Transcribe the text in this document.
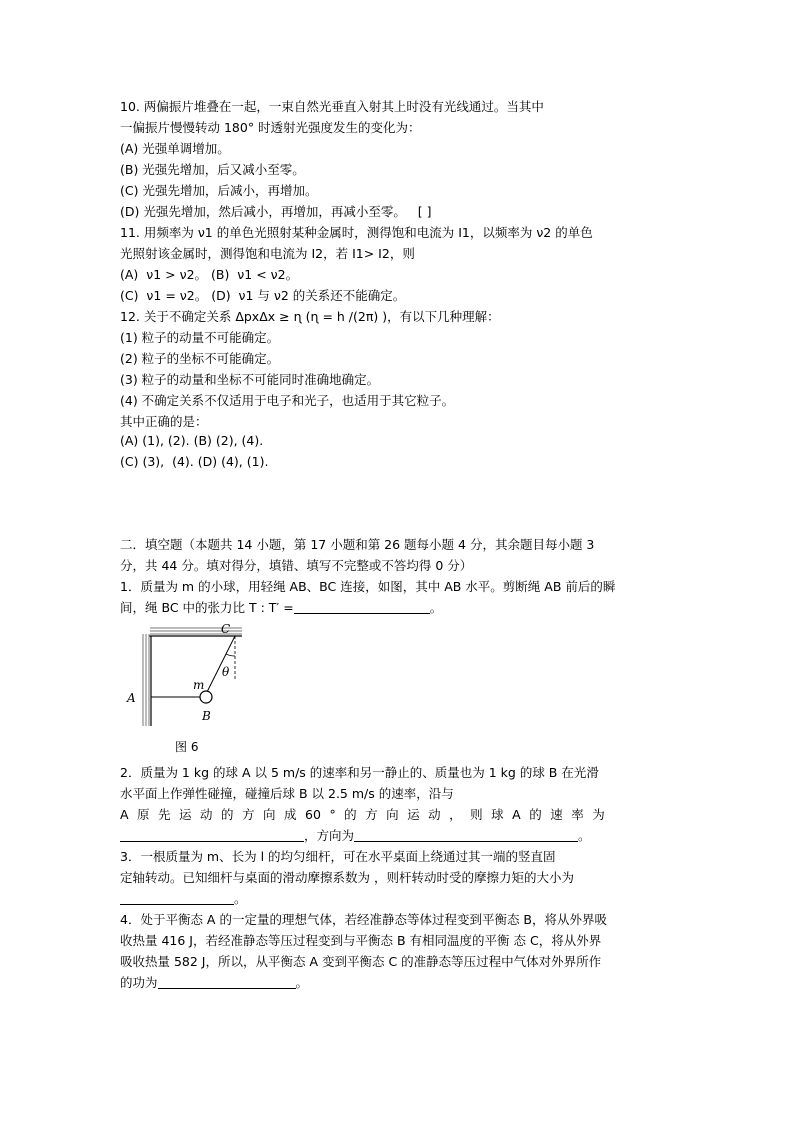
10. 两偏振片堆叠在一起，一束自然光垂直入射其上时没有光线通过。当其中
一偏振片慢慢转动 180° 时透射光强度发生的变化为：
(A) 光强单调增加。
(B) 光强先增加，后又减小至零。
(C) 光强先增加，后减小，再增加。
(D) 光强先增加，然后减小，再增加，再减小至零。   [ ]
11. 用频率为 ν1 的单色光照射某种金属时，测得饱和电流为 I1，以频率为 ν2 的单色
光照射该金属时，测得饱和电流为 I2，若 I1> I2，则
(A)  ν1 > ν2。 (B)  ν1 < ν2。
(C)  ν1 = ν2。 (D)  ν1 与 ν2 的关系还不能确定。
12. 关于不确定关系 ΔpxΔx ≥ ɳ (ɳ = h /(2π) )，有以下几种理解：
(1) 粒子的动量不可能确定。
(2) 粒子的坐标不可能确定。
(3) 粒子的动量和坐标不可能同时准确地确定。
(4) 不确定关系不仅适用于电子和光子，也适用于其它粒子。
其中正确的是：
(A) (1), (2). (B) (2), (4).
(C) (3),  (4). (D) (4), (1).
二．填空题（本题共 14 小题，第 17 小题和第 26 题每小题 4 分，其余题目每小题 3
分，共 44 分。填对得分，填错、填写不完整或不答均得 0 分）
1．质量为 m 的小球，用轻绳 AB、BC 连接，如图，其中 AB 水平。剪断绳 AB 前后的瞬
间，绳 BC 中的张力比 T : T′ =	。
C
A
B
m
θ
图 6
2．质量为 1 kg 的球 A 以 5 m/s 的速率和另一静止的、质量也为 1 kg 的球 B 在光滑
水平面上作弹性碰撞，碰撞后球 B 以 2.5 m/s 的速率，沿与
A 原 先 运 动 的 方 向 成 60 ° 的 方 向 运 动 ， 则 球 A 的 速 率 为
，方向为	。
3．一根质量为 m、长为 l 的均匀细杆，可在水平桌面上绕通过其一端的竖直固
定轴转动。已知细杆与桌面的滑动摩擦系数为 ，则杆转动时受的摩擦力矩的大小为
。
4．处于平衡态 A 的一定量的理想气体，若经准静态等体过程变到平衡态 B，将从外界吸
收热量 416 J，若经准静态等压过程变到与平衡态 B 有相同温度的平衡 态 C，将从外界
吸收热量 582 J，所以，从平衡态 A 变到平衡态 C 的准静态等压过程中气体对外界所作
的功为	。
